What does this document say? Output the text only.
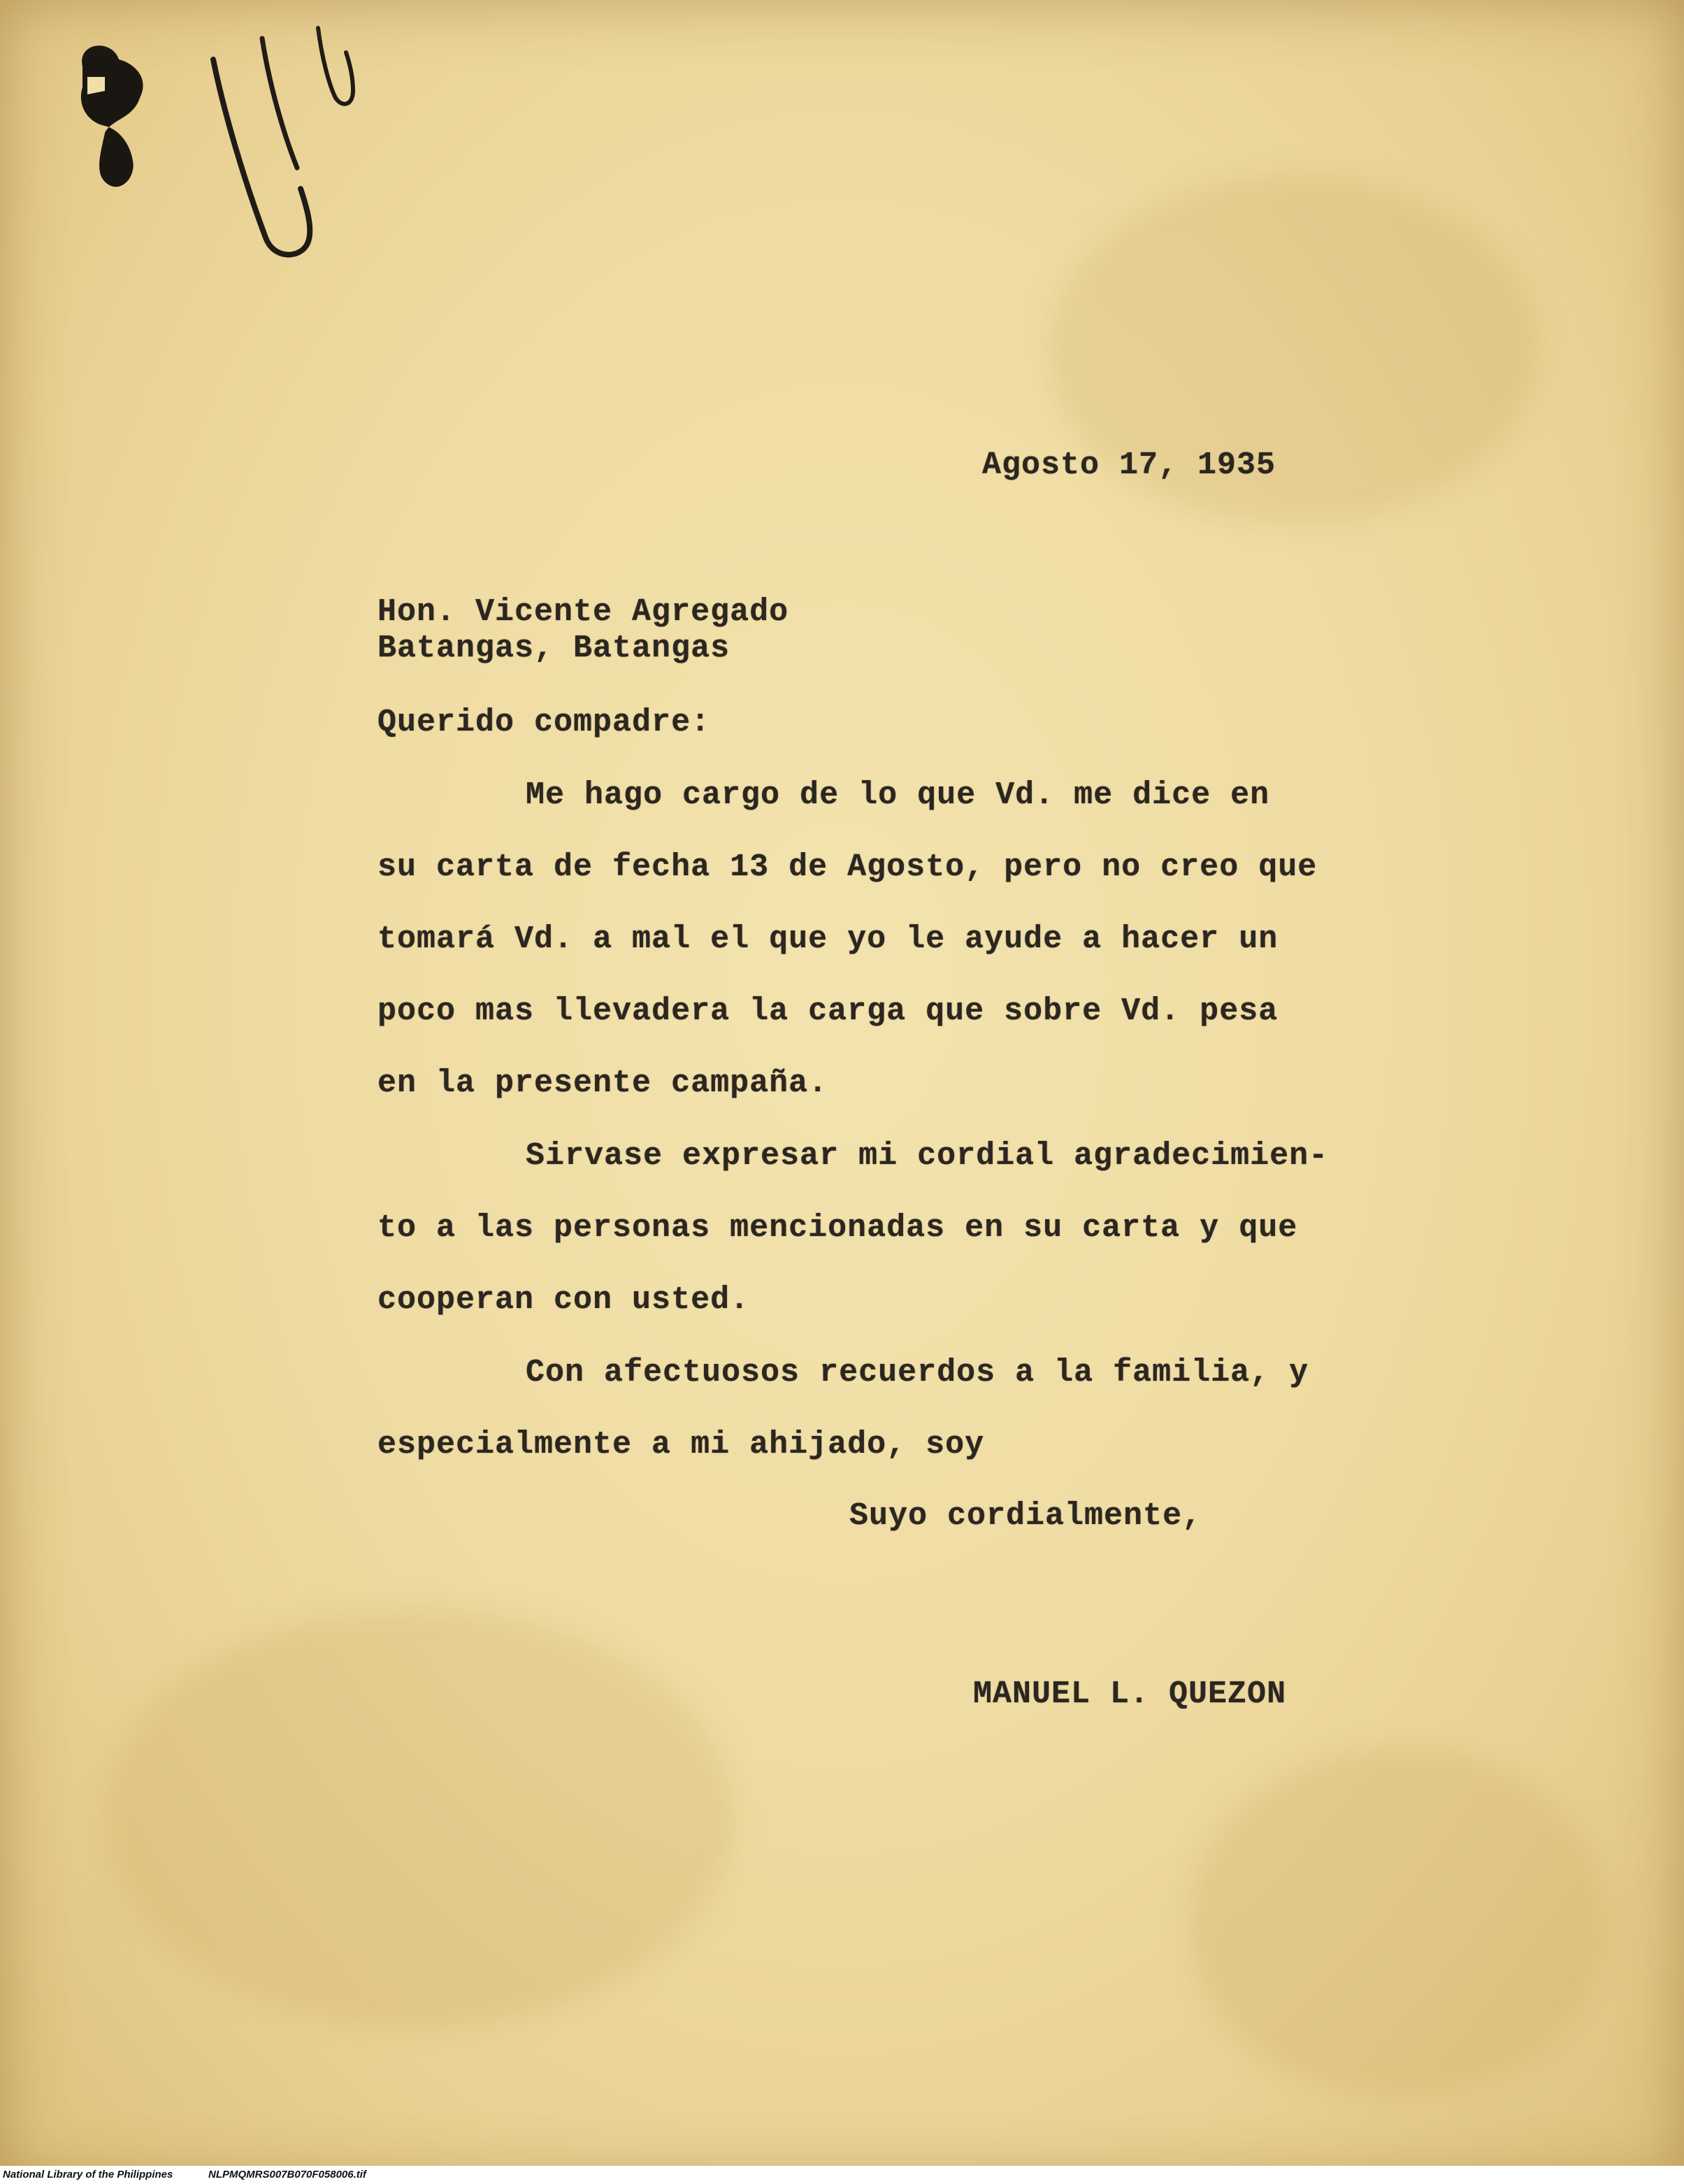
Agosto 17, 1935
Hon. Vicente Agregado
Batangas, Batangas
Querido compadre:
Me hago cargo de lo que Vd. me dice en
su carta de fecha 13 de Agosto, pero no creo que
tomará Vd. a mal el que yo le ayude a hacer un
poco mas llevadera la carga que sobre Vd. pesa
en la presente campaña.
Sirvase expresar mi cordial agradecimien-
to a las personas mencionadas en su carta y que
cooperan con usted.
Con afectuosos recuerdos a la familia, y
especialmente a mi ahijado, soy
Suyo cordialmente,
MANUEL L. QUEZON
National Library of the Philippines	NLPMQMRS007B070F058006.tif
